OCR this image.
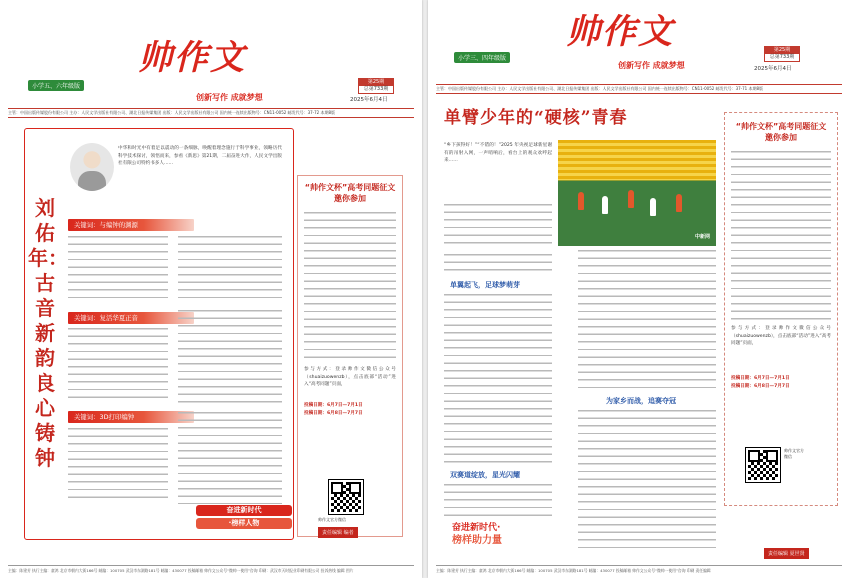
帅作文
创新写作 成就梦想
小学五、六年级版
第25期
总第733期
2025年6月4日
主管：中国出版传媒股份有限公司 主办：人民文学出版社有限公司、湖北日报传媒集团 出版：人民文学出版社有限公司 国内统一连续出版物号：CN11-0052 邮发代号：37-72 本期8版
中华和时光中有着足以震动的一条细脉，唤醒着理念施行于科学事业，领略历代科学技术探讨，领悟而来，参看《新思》第21期，二届奋进大作，人民文学出版社有限公司特约书多人……
刘佑年：古音新韵 良心铸钟
关键词：与编钟的渊源
关键词：复活华夏正音
关键词：3D打印编钟
奋进新时代
·榜样人物
“帅作文杯”高考同题征文
邀你参加
参与方式：登录帅作文微信公众号（shuaizuowenzb），点击底部“活动”进入“高考同题”页面，
投稿日期：6月7日—7月1日
投稿日期：6月8日—7月7日
帅作文官方微信
责任编辑 编者
主编：陈建芳 执行主编：童鸿 北京市朝内大街166号 邮编：100705 武汉市东湖路181号 邮编：430077 投稿邮箱 帅作文公众号“微帅一使用”咨询 印刷：武汉市天时报业印刷有限公司 投诉热线 编辑 图片
帅作文
创新写作 成就梦想
小学三、四年级版
第25期
总第733期
2025年6月4日
主管：中国出版传媒股份有限公司 主办：人民文学出版社有限公司、湖北日报传媒集团 出版：人民文学出版社有限公司 国内统一连续出版物号：CN11-0052 邮发代号：37-71 本期8版
单臂少年的“硬核”青春
“乡下孩得好！”“不错的！”2025 年央视足球新星谢有的吊射入网，一声哨响后，看台上的观众欢呼起来……
中新网
单翼起飞，足球梦萌芽
双赛道绽放，星光闪耀
为家乡而战，追赛夺冠
奋进新时代·
榜样助力量
“帅作文杯”高考同题征文
邀你参加
参与方式：登录帅作文微信公众号（shuaizuowenzb），点击底部“活动”进入“高考同题”页面，
投稿日期：6月7日—7月1日
投稿日期：6月8日—7月7日
帅作文官方微信
责任编辑 夏世贤
主编：陈建芳 执行主编：童鸿 北京市朝内大街166号 邮编：100705 武汉市东湖路181号 邮编：430077 投稿邮箱 帅作文公众号“微帅一使用”咨询 印刷 责任编辑
